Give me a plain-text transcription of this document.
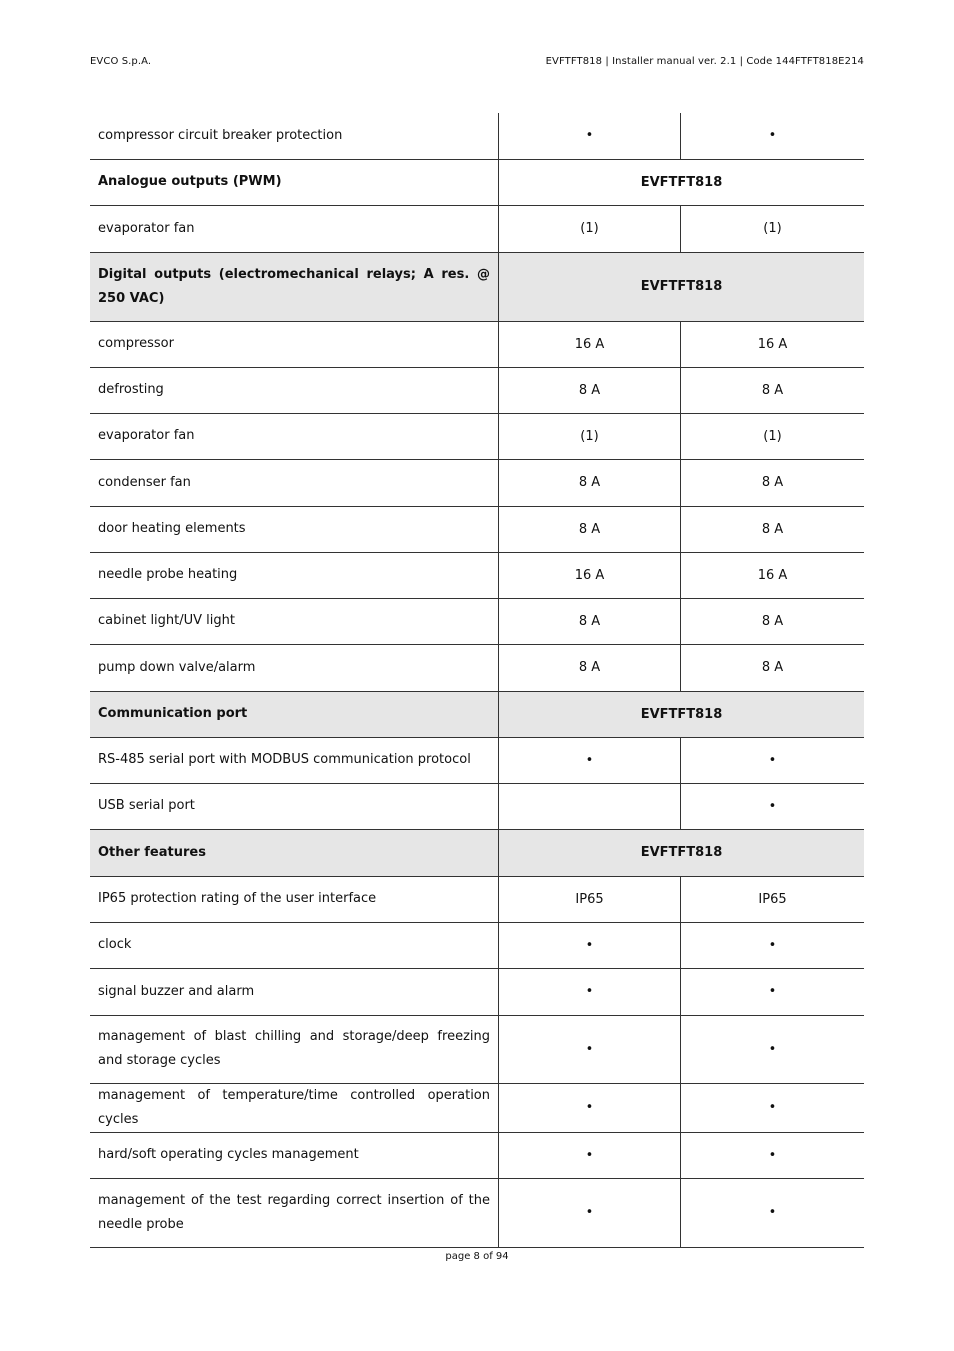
EVCO S.p.A.	EVFTFT818 | Installer manual ver. 2.1 | Code 144FTFT818E214
compressor circuit breaker protection	•	•
Analogue outputs (PWM)	EVFTFT818	
evaporator fan	(1)	(1)
Digital outputs (electromechanical relays; A res. @ 250 VAC)	EVFTFT818	
compressor	16 A	16 A
defrosting	8 A	8 A
evaporator fan	(1)	(1)
condenser fan	8 A	8 A
door heating elements	8 A	8 A
needle probe heating	16 A	16 A
cabinet light/UV light	8 A	8 A
pump down valve/alarm	8 A	8 A
Communication port	EVFTFT818	
RS-485 serial port with MODBUS communication protocol	•	•
USB serial port		•
Other features	EVFTFT818	
IP65 protection rating of the user interface	IP65	IP65
clock	•	•
signal buzzer and alarm	•	•
management of blast chilling and storage/deep freezing and storage cycles	•	•
management of temperature/time controlled operation cycles	•	•
hard/soft operating cycles management	•	•
management of the test regarding correct insertion of the needle probe	•	•
page 8 of 94
